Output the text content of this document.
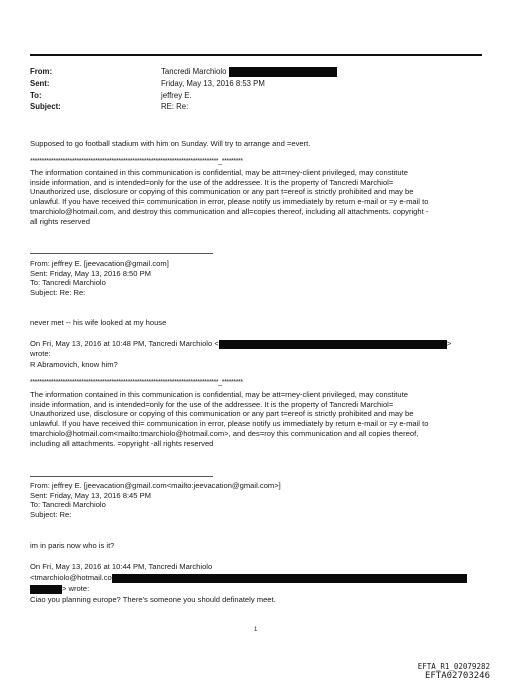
From:	Tancredi Marchiolo
Sent:	Friday, May 13, 2016 8:53 PM
To:	jeffrey E.
Subject:	RE: Re:
Supposed to go football stadium with him on Sunday. Will try to arrange and =evert.
*********************************************************************************_*********
The information contained in this communication is confidential, may be att=rney-client privileged, may constitute
inside information, and is intended=only for the use of the addressee. It is the property of Tancredi Marchiol=
Unauthorized use, disclosure or copying of this communication or any part t=ereof is strictly prohibited and may be
unlawful. If you have received thi= communication in error, please notify us immediately by return e-mail or =y e-mail to
tmarchiolo@hotmail.com, and destroy this communication and all=copies thereof, including all attachments. copyright -
all rights reserved
From: jeffrey E. [jeevacation@gmail.com]
Sent: Friday, May 13, 2016 8:50 PM
To: Tancredi Marchiolo
Subject: Re: Re:
never met -- his wife looked at my house
On Fri, May 13, 2016 at 10:48 PM, Tancredi Marchiolo <	>
wrote:
R Abramovich, know him?
*********************************************************************************_*********
The information contained in this communication is confidential, may be att=rney-client privileged, may constitute
inside information, and is intended=only for the use of the addressee. It is the property of Tancredi Marchiol=
Unauthorized use, disclosure or copying of this communication or any part t=ereof is strictly prohibited and may be
unlawful. If you have received thi= communication in error, please notify us immediately by return e-mail or =y e-mail to
tmarchiolo@hotmail.com<mailto:tmarchiolo@hotmail.com>, and des=roy this communication and all copies thereof,
including all attachments. =opyright -all rights reserved
From: jeffrey E. [jeevacation@gmail.com<mailto:jeevacation@gmail.com>]
Sent: Friday, May 13, 2016 8:45 PM
To: Tancredi Marchiolo
Subject: Re:
im in paris now who is it?
On Fri, May 13, 2016 at 10:44 PM, Tancredi Marchiolo
<tmarchiolo@hotmail.co
> wrote:
Ciao you planning europe? There's someone you should definately meet.
1
EFTA_R1_02079282
EFTA02703246
